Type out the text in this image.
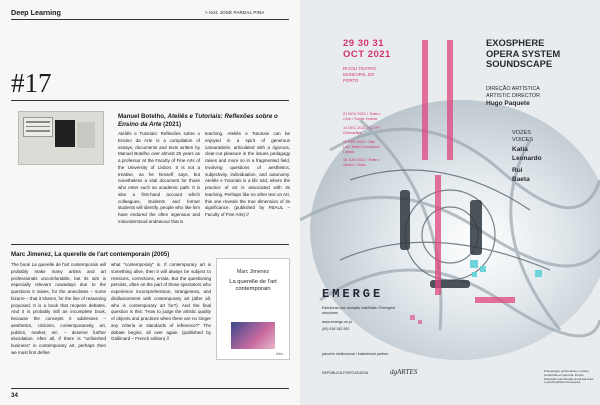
Deep Learning	> text: JOSÉ PARDAL PINA
#17
Manuel Botelho, Ateliês e Tutoriais: Reflexões sobre o Ensino da Arte (2021)
Ateliês e Tutoriais: Reflexões sobre o Ensino da Arte is a compilation of essays, documents and texts written by Manuel Botelho over almost 26 years as a professor at the Faculty of Fine Arts of the University of Lisbon. It is not a treatise, as he himself says, but nonetheless a vital document for those who enter such an academic path. It is also a first-hand account which colleagues, students and former students will identify, people who like him have endured the often ingenious and misunderstood endeavour that is
teaching. Ateliês e Tutoriais can be enjoyed in a spirit of generous camaraderie, articulated with a rigorous, clear-cut pleasure in the issues pedagogy raises and more so in a fragmented field, involving questions of aesthetics, subjectivity, individuation, and autonomy. Ateliês e Tutoriais is a life told, where the practice of art is associated with its teaching. Perhaps like no other text on Art, this one reveals the true dimension of its significance. (published by FBAUL – Faculty of Fine Arts) //
Marc Jimenez, La querelle de l'art contemporain (2005)
The book La querelle de l'art contemporain will probably make many artists and art professionals uncomfortable, but its aim is especially relevant nowadays due to the questions it raises, for the anecdotes – some bizarre – that it shares, for the line of reasoning proposed. It is a book that reopens debates. And it is probably still an incomplete book, because the concepts it addresses – aesthetics, criticism, contemporaneity, art, publics, market, etc. – deserve further elucidation. After all, if there is "unfinished business" in contemporary art, perhaps then we must first define
what "contemporary" is. If contemporary art is something alive, then it will always be subject to revisions, corrections, errata. But the questioning persists, often on the part of those spectators who experience incomprehension, strangeness, and disillusionment with contemporary art (after all, who is contemporary art for?). And the final question is this: "How to judge the artistic quality of objects and practices when there are no longer any criteria or standards of reference?" The debate begins, all over again. (published by Gallimard – French edition) //
Marc Jimenez
La querelle de l'art contemporain
folio
34
29 30 31
OCT 2021
RIVOLI TEATRO MUNICIPAL DO PORTO
21 NOV 2021 / Teatro-Cine / Torres Vedras
14 DEC 2021 / CCVF / Guimarães
20 FEB 2022 / São Luiz Teatro Municipal / Lisboa
18 JUN 2022 / Teatro Viriato / Viseu
EXOSPHERE
OPERA SYSTEM
SOUNDSCAPE
DIREÇÃO ARTÍSTICA
ARTISTIC DIRECTOR
Hugo Paquete
VOZES
VOICES
Katia
Leonardo
Rui
Baeta
EMERGE
Estruturas com duração indefinida / Emergent structures
www.emerge-os.pt
(00) 918 182 952
parceiro institucional / institutional partner
REPÚBLICA PORTUGUESA	dgARTES	Dramaturgia, performance e música produzidas em parceria. Projeto financiado pela Direção-Geral das Artes e pela República Portuguesa.
